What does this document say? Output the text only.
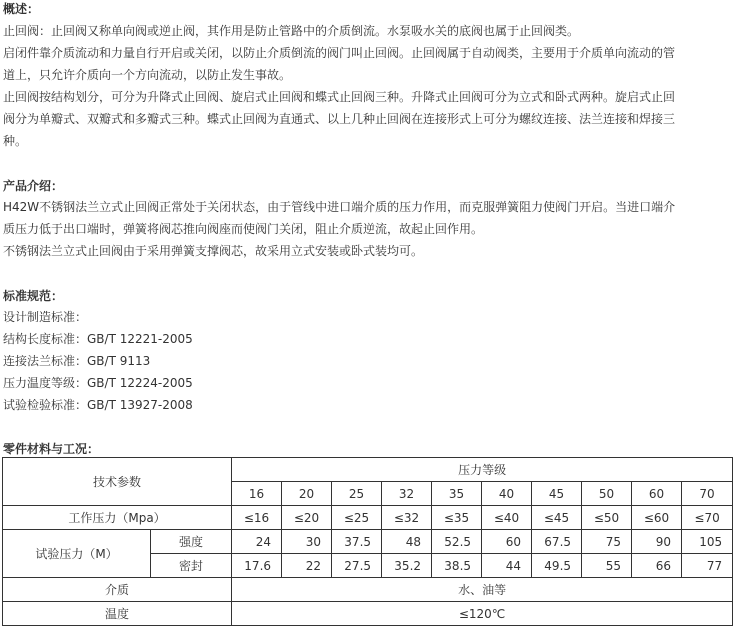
概述：
止回阀：止回阀又称单向阀或逆止阀，其作用是防止管路中的介质倒流。水泵吸水关的底阀也属于止回阀类。
启闭件靠介质流动和力量自行开启或关闭，以防止介质倒流的阀门叫止回阀。止回阀属于自动阀类，主要用于介质单向流动的管
道上，只允许介质向一个方向流动，以防止发生事故。
止回阀按结构划分，可分为升降式止回阀、旋启式止回阀和蝶式止回阀三种。升降式止回阀可分为立式和卧式两种。旋启式止回
阀分为单瓣式、双瓣式和多瓣式三种。蝶式止回阀为直通式、以上几种止回阀在连接形式上可分为螺纹连接、法兰连接和焊接三
种。
产品介绍：
H42W不锈钢法兰立式止回阀正常处于关闭状态，由于管线中进口端介质的压力作用，而克服弹簧阻力使阀门开启。当进口端介
质压力低于出口端时，弹簧将阀芯推向阀座而使阀门关闭，阻止介质逆流，故起止回作用。
不锈钢法兰立式止回阀由于采用弹簧支撑阀芯，故采用立式安装或卧式装均可。
标准规范：
设计制造标准：
结构长度标准：GB/T 12221-2005
连接法兰标准：GB/T 9113
压力温度等级：GB/T 12224-2005
试验检验标准：GB/T 13927-2008
零件材料与工况：
技术参数		压力等级									
		16	20	25	32	35	40	45	50	60	70
工作压力（Mpa）		≤16	≤20	≤25	≤32	≤35	≤40	≤45	≤50	≤60	≤70
试验压力（M）	强度	24	30	37.5	48	52.5	60	67.5	75	90	105
	密封	17.6	22	27.5	35.2	38.5	44	49.5	55	66	77
介质		水、油等									
温度		≤120℃									
